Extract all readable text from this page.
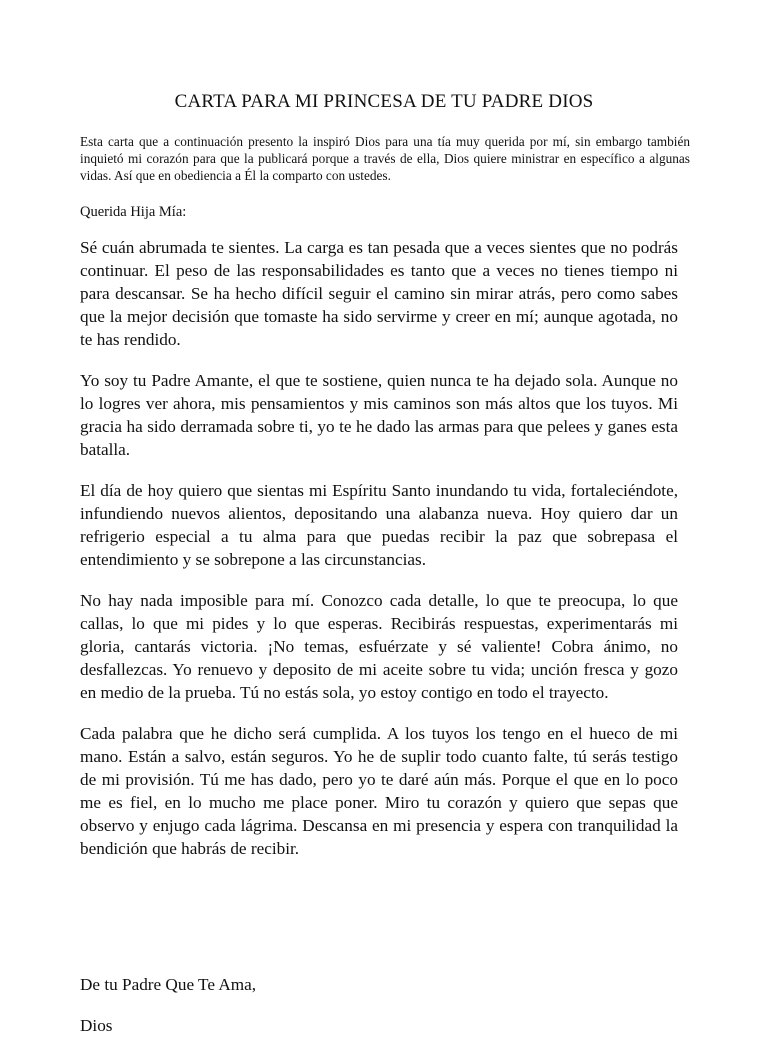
CARTA PARA MI PRINCESA DE TU PADRE DIOS

Esta carta que a continuación presento la inspiró Dios para una tía muy querida por mí, sin embargo también inquietó mi corazón para que la publicará porque a través de ella, Dios quiere ministrar en específico a algunas vidas. Así que en obediencia a Él la comparto con ustedes.

Querida Hija Mía:

Sé cuán abrumada te sientes. La carga es tan pesada que a veces sientes que no podrás continuar. El peso de las responsabilidades es tanto que a veces no tienes tiempo ni para descansar. Se ha hecho difícil seguir el camino sin mirar atrás, pero como sabes que la mejor decisión que tomaste ha sido servirme y creer en mí; aunque agotada, no te has rendido.

Yo soy tu Padre Amante, el que te sostiene, quien nunca te ha dejado sola. Aunque no lo logres ver ahora, mis pensamientos y mis caminos son más altos que los tuyos. Mi gracia ha sido derramada sobre ti, yo te he dado las armas para que pelees y ganes esta batalla.

El día de hoy quiero que sientas mi Espíritu Santo inundando tu vida, fortaleciéndote, infundiendo nuevos alientos, depositando una alabanza nueva. Hoy quiero dar un refrigerio especial a tu alma para que puedas recibir la paz que sobrepasa el entendimiento y se sobrepone a las circunstancias.

No hay nada imposible para mí. Conozco cada detalle, lo que te preocupa, lo que callas, lo que mi pides y lo que esperas. Recibirás respuestas, experimentarás mi gloria, cantarás victoria. ¡No temas, esfuérzate y sé valiente! Cobra ánimo, no desfallezcas. Yo renuevo y deposito de mi aceite sobre tu vida; unción fresca y gozo en medio de la prueba. Tú no estás sola, yo estoy contigo en todo el trayecto.

Cada palabra que he dicho será cumplida. A los tuyos los tengo en el hueco de mi mano. Están a salvo, están seguros. Yo he de suplir todo cuanto falte, tú serás testigo de mi provisión. Tú me has dado, pero yo te daré aún más. Porque el que en lo poco me es fiel, en lo mucho me place poner. Miro tu corazón y quiero que sepas que observo y enjugo cada lágrima. Descansa en mi presencia y espera con tranquilidad la bendición que habrás de recibir.

De tu Padre Que Te Ama,

Dios
